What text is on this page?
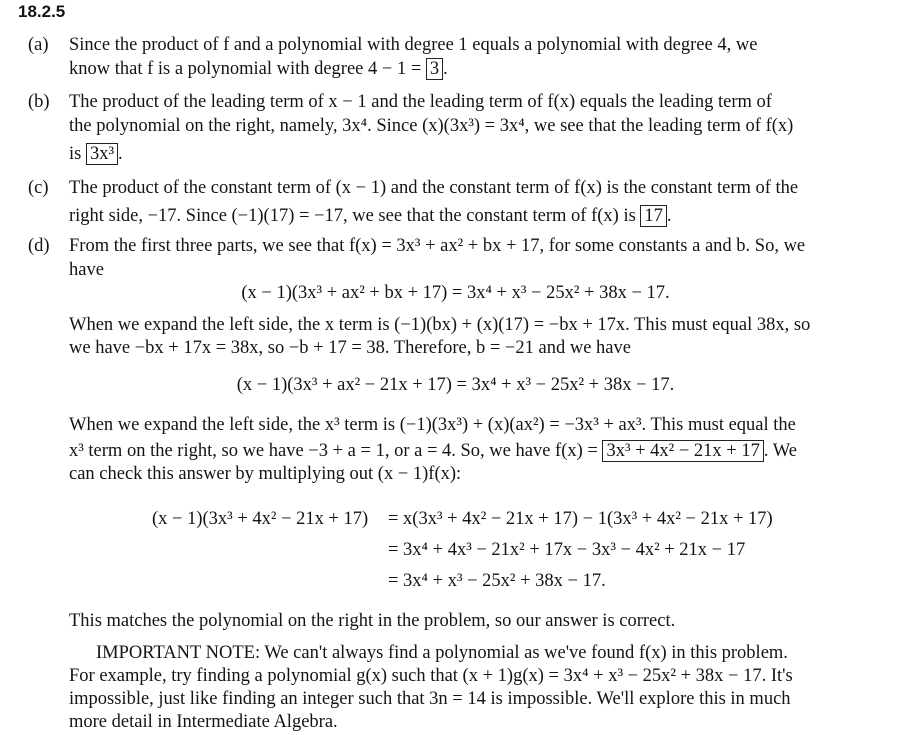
18.2.5
(a) Since the product of f and a polynomial with degree 1 equals a polynomial with degree 4, we
know that f is a polynomial with degree 4 − 1 = 3 .
(b) The product of the leading term of x − 1 and the leading term of f(x) equals the leading term of
the polynomial on the right, namely, 3x⁴. Since (x)(3x³) = 3x⁴, we see that the leading term of f(x)
is 3x³ .
(c) The product of the constant term of (x − 1) and the constant term of f(x) is the constant term of the
right side, −17. Since (−1)(17) = −17, we see that the constant term of f(x) is 17 .
(d) From the first three parts, we see that f(x) = 3x³ + ax² + bx + 17, for some constants a and b. So, we
have
(x − 1)(3x³ + ax² + bx + 17) = 3x⁴ + x³ − 25x² + 38x − 17.
When we expand the left side, the x term is (−1)(bx) + (x)(17) = −bx + 17x. This must equal 38x, so
we have −bx + 17x = 38x, so −b + 17 = 38. Therefore, b = −21 and we have
(x − 1)(3x³ + ax² − 21x + 17) = 3x⁴ + x³ − 25x² + 38x − 17.
When we expand the left side, the x³ term is (−1)(3x³) + (x)(ax²) = −3x³ + ax³. This must equal the
x³ term on the right, so we have −3 + a = 1, or a = 4. So, we have f(x) = 3x³ + 4x² − 21x + 17 . We
can check this answer by multiplying out (x − 1)f(x):
(x − 1)(3x³ + 4x² − 21x + 17) = x(3x³ + 4x² − 21x + 17) − 1(3x³ + 4x² − 21x + 17)
= 3x⁴ + 4x³ − 21x² + 17x − 3x³ − 4x² + 21x − 17
= 3x⁴ + x³ − 25x² + 38x − 17.
This matches the polynomial on the right in the problem, so our answer is correct.
IMPORTANT NOTE: We can't always find a polynomial as we've found f(x) in this problem.
For example, try finding a polynomial g(x) such that (x + 1)g(x) = 3x⁴ + x³ − 25x² + 38x − 17. It's
impossible, just like finding an integer such that 3n = 14 is impossible. We'll explore this in much
more detail in Intermediate Algebra.
